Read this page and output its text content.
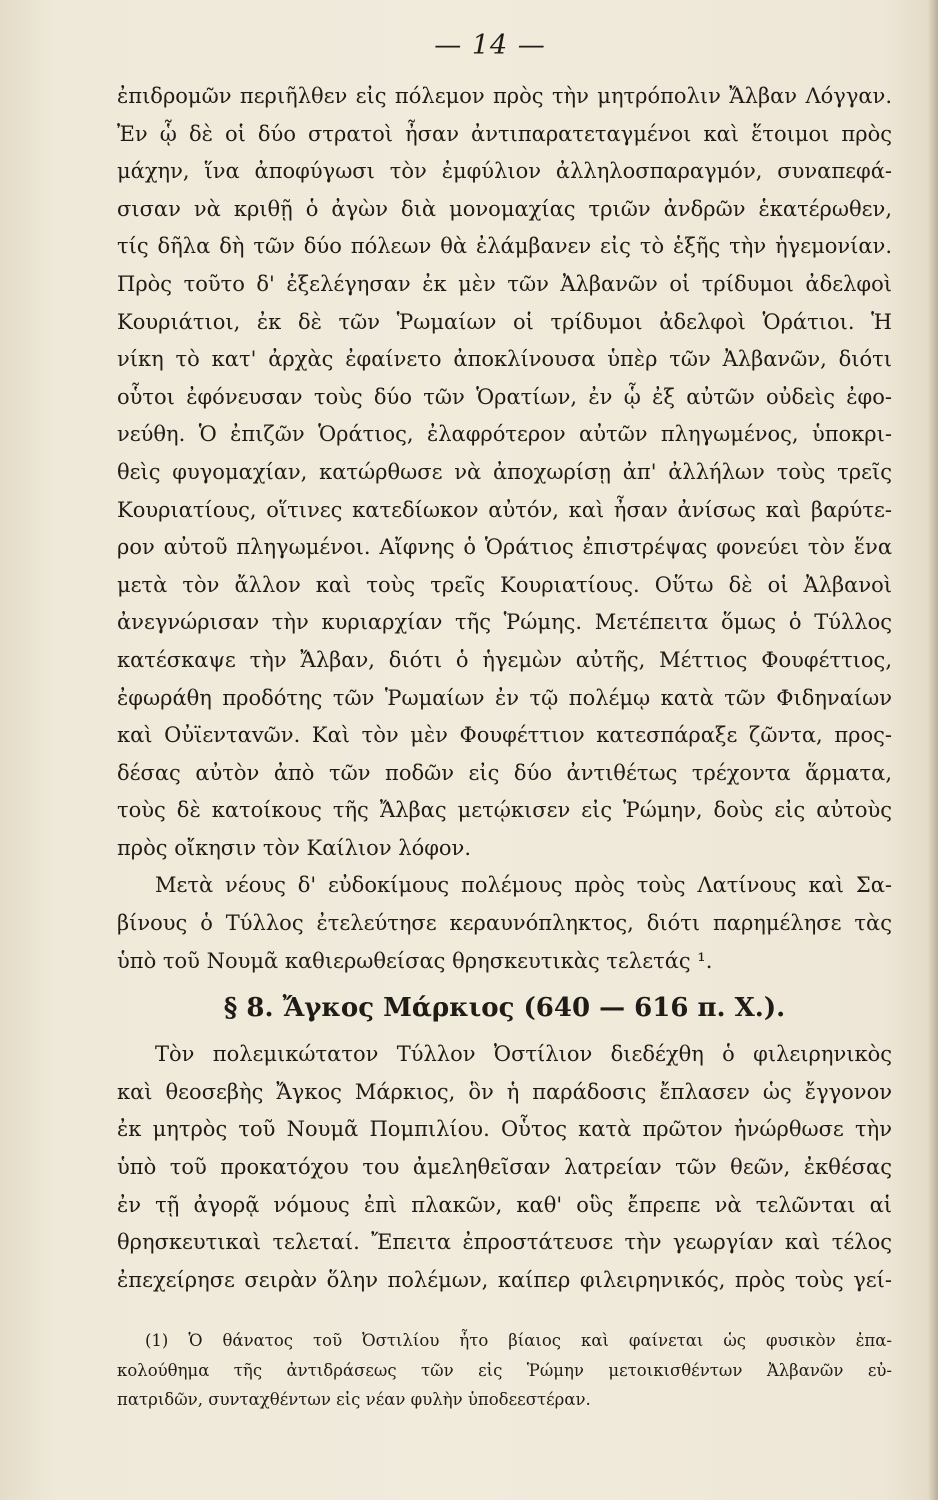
— 14 —
ἐπιδρομῶν περιῆλθεν εἰς πόλεμον πρὸς τὴν μητρόπολιν Ἄλβαν Λόγγαν.
Ἐν ᾧ δὲ οἱ δύο στρατοὶ ἦσαν ἀντιπαρατεταγμένοι καὶ ἕτοιμοι πρὸς
μάχην, ἵνα ἀποφύγωσι τὸν ἐμφύλιον ἀλληλοσπαραγμόν, συναπεφά-
σισαν νὰ κριθῇ ὁ ἀγὼν διὰ μονομαχίας τριῶν ἀνδρῶν ἑκατέρωθεν,
τίς δῆλα δὴ τῶν δύο πόλεων θὰ ἐλάμβανεν εἰς τὸ ἑξῆς τὴν ἡγεμονίαν.
Πρὸς τοῦτο δ' ἐξελέγησαν ἐκ μὲν τῶν Ἀλβανῶν οἱ τρίδυμοι ἀδελφοὶ
Κουριάτιοι, ἐκ δὲ τῶν Ῥωμαίων οἱ τρίδυμοι ἀδελφοὶ Ὁράτιοι. Ἡ
νίκη τὸ κατ' ἀρχὰς ἐφαίνετο ἀποκλίνουσα ὑπὲρ τῶν Ἀλβανῶν, διότι
οὗτοι ἐφόνευσαν τοὺς δύο τῶν Ὁρατίων, ἐν ᾧ ἐξ αὐτῶν οὐδεὶς ἐφο-
νεύθη. Ὁ ἐπιζῶν Ὁράτιος, ἐλαφρότερον αὐτῶν πληγωμένος, ὑποκρι-
θεὶς φυγομαχίαν, κατώρθωσε νὰ ἀποχωρίσῃ ἀπ' ἀλλήλων τοὺς τρεῖς
Κουριατίους, οἵτινες κατεδίωκον αὐτόν, καὶ ἦσαν ἀνίσως καὶ βαρύτε-
ρον αὐτοῦ πληγωμένοι. Αἴφνης ὁ Ὁράτιος ἐπιστρέψας φονεύει τὸν ἕνα
μετὰ τὸν ἄλλον καὶ τοὺς τρεῖς Κουριατίους. Οὕτω δὲ οἱ Ἀλβανοὶ
ἀνεγνώρισαν τὴν κυριαρχίαν τῆς Ῥώμης. Μετέπειτα ὅμως ὁ Τύλλος
κατέσκαψε τὴν Ἄλβαν, διότι ὁ ἡγεμὼν αὐτῆς, Μέττιος Φουφέττιος,
ἐφωράθη προδότης τῶν Ῥωμαίων ἐν τῷ πολέμῳ κατὰ τῶν Φιδηναίων
καὶ Οὐϊενταvῶν. Καὶ τὸν μὲν Φουφέττιον κατεσπάραξε ζῶντα, προς-
δέσας αὐτὸν ἀπὸ τῶν ποδῶν εἰς δύο ἀντιθέτως τρέχοντα ἅρματα,
τοὺς δὲ κατοίκους τῆς Ἄλβας μετῴκισεν εἰς Ῥώμην, δοὺς εἰς αὐτοὺς
πρὸς οἴκησιν τὸν Καίλιον λόφον.
Μετὰ νέους δ' εὐδοκίμους πολέμους πρὸς τοὺς Λατίνους καὶ Σα-
βίνους ὁ Τύλλος ἐτελεύτησε κεραυνόπληκτος, διότι παρημέλησε τὰς
ὑπὸ τοῦ Νουμᾶ καθιερωθείσας θρησκευτικὰς τελετάς ¹.
§ 8. Ἄγκος Μάρκιος (640 — 616 π. Χ.).
Τὸν πολεμικώτατον Τύλλον Ὀστίλιον διεδέχθη ὁ φιλειρηνικὸς
καὶ θεοσεβὴς Ἄγκος Μάρκιος, ὃν ἡ παράδοσις ἔπλασεν ὡς ἔγγονον
ἐκ μητρὸς τοῦ Νουμᾶ Πομπιλίου. Οὗτος κατὰ πρῶτον ἠνώρθωσε τὴν
ὑπὸ τοῦ προκατόχου του ἀμεληθεῖσαν λατρείαν τῶν θεῶν, ἐκθέσας
ἐν τῇ ἀγορᾷ νόμους ἐπὶ πλακῶν, καθ' οὓς ἔπρεπε νὰ τελῶνται αἱ
θρησκευτικαὶ τελεταί. Ἔπειτα ἐπροστάτευσε τὴν γεωργίαν καὶ τέλος
ἐπεχείρησε σειρὰν ὅλην πολέμων, καίπερ φιλειρηνικός, πρὸς τοὺς γεί-
(1) Ὁ θάνατος τοῦ Ὀστιλίου ἦτο βίαιος καὶ φαίνεται ὡς φυσικὸν ἐπα-
κολούθημα τῆς ἀντιδράσεως τῶν εἰς Ῥώμην μετοικισθέντων Ἀλβανῶν εὐ-
πατριδῶν, συνταχθέντων εἰς νέαν φυλὴν ὑποδεεστέραν.
